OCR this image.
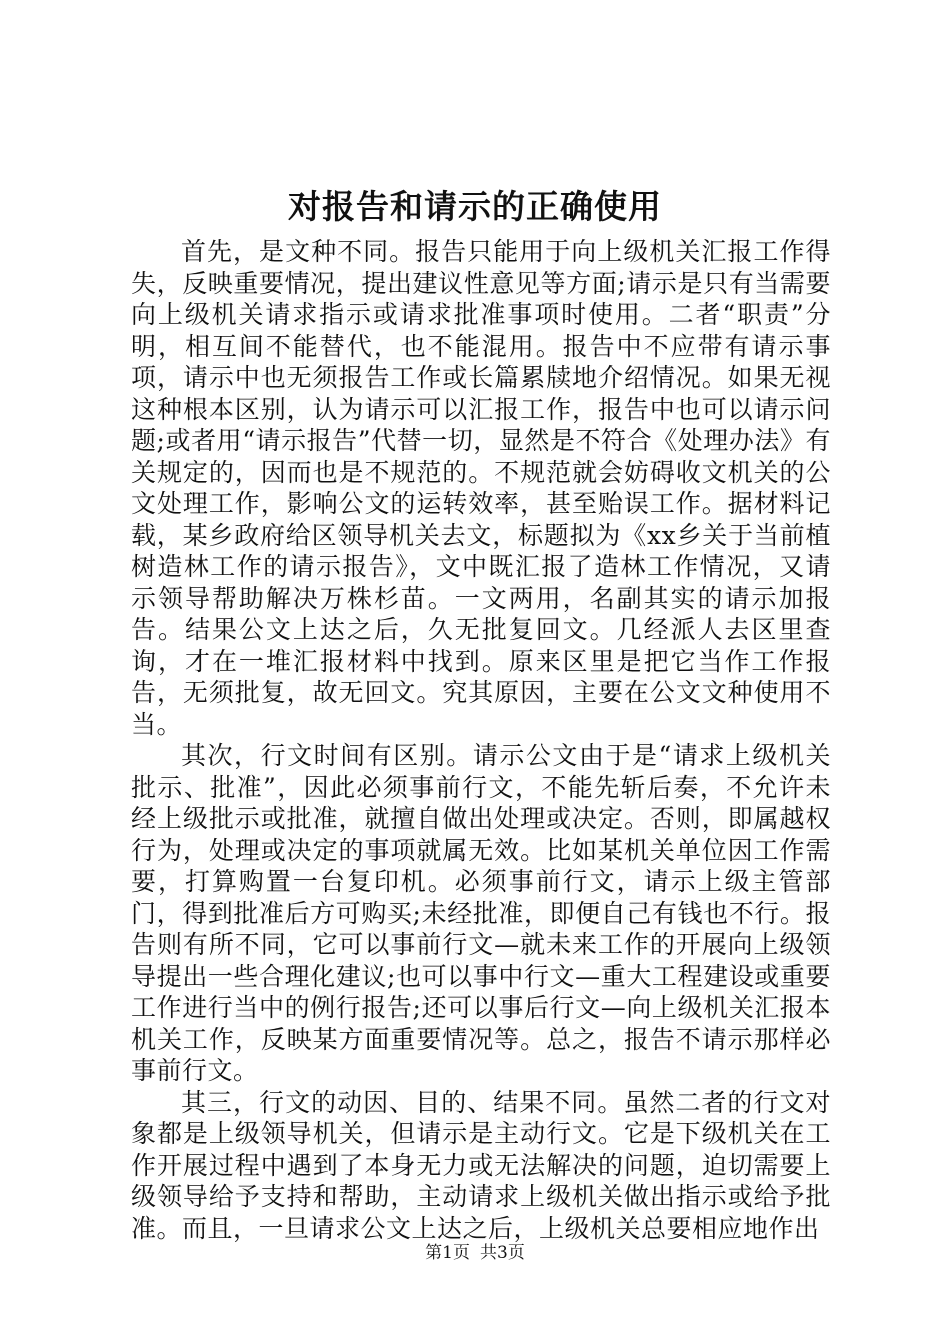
对报告和请示的正确使用

首先，是文种不同。报告只能用于向上级机关汇报工作得失，反映重要情况，提出建议性意见等方面;请示是只有当需要向上级机关请求指示或请求批准事项时使用。二者“职责”分明，相互间不能替代，也不能混用。报告中不应带有请示事项，请示中也无须报告工作或长篇累牍地介绍情况。如果无视这种根本区别，认为请示可以汇报工作，报告中也可以请示问题;或者用“请示报告”代替一切，显然是不符合《处理办法》有关规定的，因而也是不规范的。不规范就会妨碍收文机关的公文处理工作，影响公文的运转效率，甚至贻误工作。据材料记载，某乡政府给区领导机关去文，标题拟为《xx乡关于当前植树造林工作的请示报告》，文中既汇报了造林工作情况，又请示领导帮助解决万株杉苗。一文两用，名副其实的请示加报告。结果公文上达之后，久无批复回文。几经派人去区里查询，才在一堆汇报材料中找到。原来区里是把它当作工作报告，无须批复，故无回文。究其原因，主要在公文文种使用不当。

其次，行文时间有区别。请示公文由于是“请求上级机关批示、批准”，因此必须事前行文，不能先斩后奏，不允许未经上级批示或批准，就擅自做出处理或决定。否则，即属越权行为，处理或决定的事项就属无效。比如某机关单位因工作需要，打算购置一台复印机。必须事前行文，请示上级主管部门，得到批准后方可购买;未经批准，即便自己有钱也不行。报告则有所不同，它可以事前行文—就未来工作的开展向上级领导提出一些合理化建议;也可以事中行文—重大工程建设或重要工作进行当中的例行报告;还可以事后行文—向上级机关汇报本机关工作，反映某方面重要情况等。总之，报告不请示那样必事前行文。

其三，行文的动因、目的、结果不同。虽然二者的行文对象都是上级领导机关，但请示是主动行文。它是下级机关在工作开展过程中遇到了本身无力或无法解决的问题，迫切需要上级领导给予支持和帮助，主动请求上级机关做出指示或给予批准。而且，一旦请求公文上达之后，上级机关总要相应地作出

第1页 共3页
